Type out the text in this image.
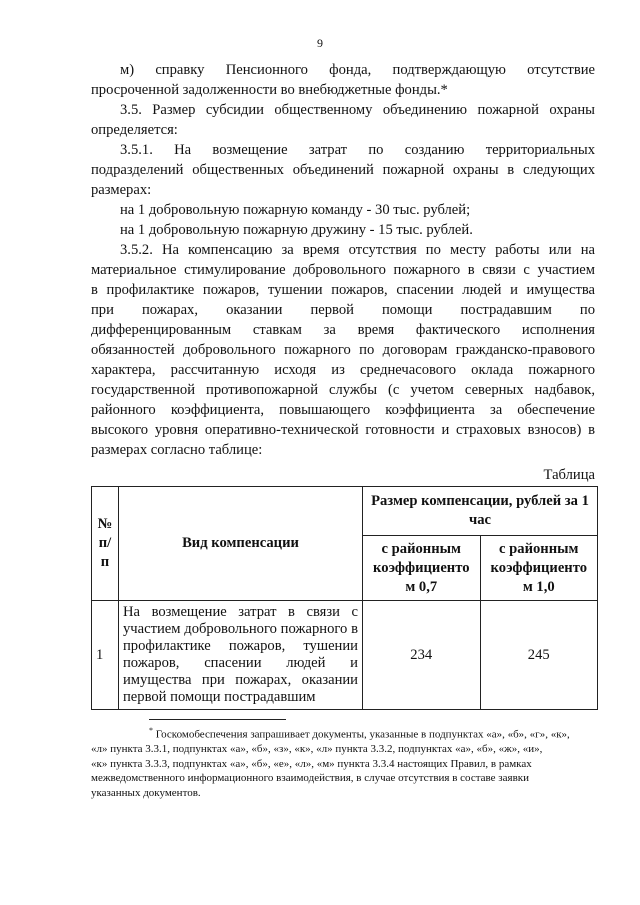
9

м) справку Пенсионного фонда, подтверждающую отсутствие

просроченной задолженности во внебюджетные фонды.*

3.5. Размер субсидии общественному объединению пожарной охраны

определяется:

3.5.1. На возмещение затрат по созданию территориальных

подразделений общественных объединений пожарной охраны в следующих

размерах:

на 1 добровольную пожарную команду - 30 тыс. рублей;

на 1 добровольную пожарную дружину - 15 тыс. рублей.

3.5.2. На компенсацию за время отсутствия по месту работы или на

материальное стимулирование добровольного пожарного в связи с участием

в профилактике пожаров, тушении пожаров, спасении людей и имущества

при пожарах, оказании первой помощи пострадавшим по

дифференцированным ставкам за время фактического исполнения

обязанностей добровольного пожарного по договорам гражданско-правового

характера, рассчитанную исходя из среднечасового оклада пожарного

государственной противопожарной службы (с учетом северных надбавок,

районного коэффициента, повышающего коэффициента за обеспечение

высокого уровня оперативно-технической готовности и страховых взносов) в

размерах согласно таблице:

Таблица
№ п/п	Вид компенсации	Размер компенсации, рублей за 1 час	
		с районным коэффициенто м 0,7	с районным коэффициенто м 1,0
1	На возмещение затрат в связи с участием добровольного пожарного в профилактике пожаров, тушении пожаров, спасении людей и имущества при пожарах, оказании первой помощи пострадавшим	234	245
* Госкомобеспечения запрашивает документы, указанные в подпунктах «а», «б», «г», «к»,
«л» пункта 3.3.1, подпунктах «а», «б», «з», «к», «л» пункта 3.3.2, подпунктах «а», «б», «ж», «и»,
«к» пункта 3.3.3, подпунктах «а», «б», «е», «л», «м» пункта 3.3.4 настоящих Правил, в рамках
межведомственного информационного взаимодействия, в случае отсутствия в составе заявки
указанных документов.
